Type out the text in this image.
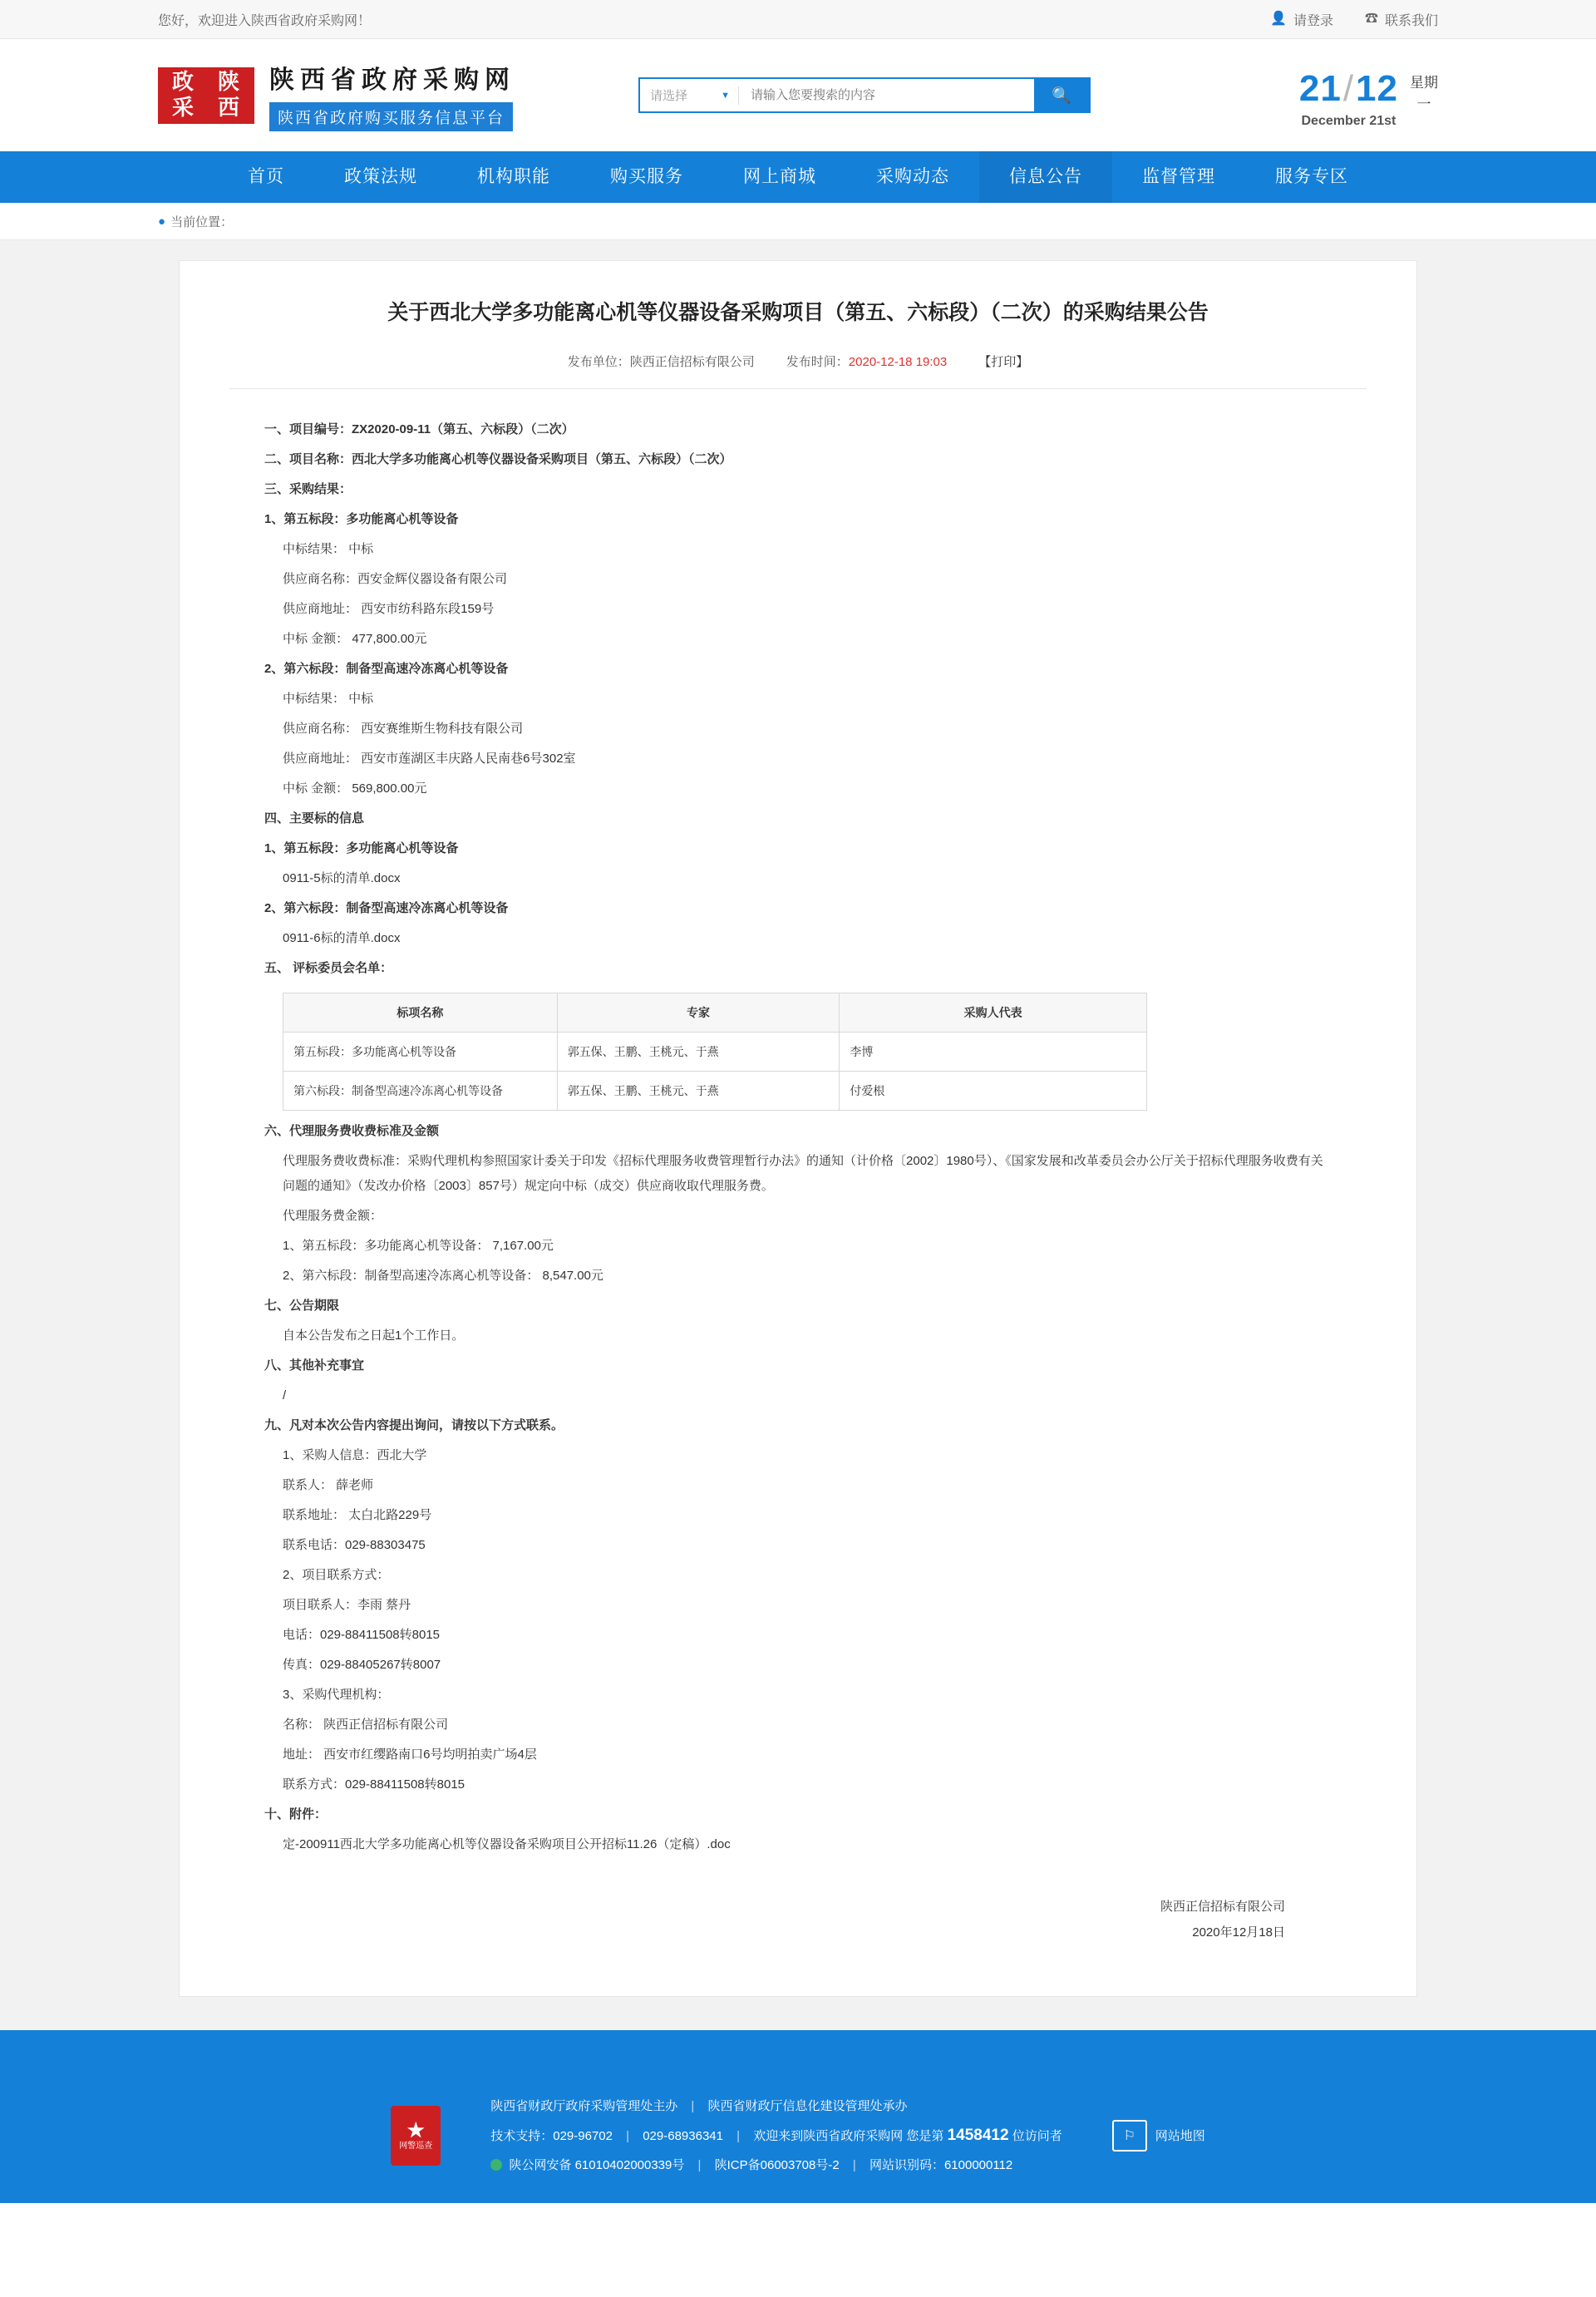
您好，欢迎进入陕西省政府采购网！	👤 请登录 ☎ 联系我们
政 陕
采 西
陕西省政府采购网
陕西省政府购买服务信息平台
请选择	▼
请输入您要搜索的内容	🔍	21/12
December 21st
星期
一
首页	政策法规	机构职能	购买服务	网上商城	采购动态	信息公告	监督管理	服务专区
● 当前位置：
关于西北大学多功能离心机等仪器设备采购项目（第五、六标段）（二次）的采购结果公告
发布单位：陕西正信招标有限公司	发布时间：2020-12-18 19:03	【打印】

一、项目编号：ZX2020-09-11（第五、六标段）（二次）

二、项目名称：西北大学多功能离心机等仪器设备采购项目（第五、六标段）（二次）

三、采购结果：

1、第五标段：多功能离心机等设备

中标结果： 中标

供应商名称：西安金辉仪器设备有限公司

供应商地址： 西安市纺科路东段159号

中标 金额： 477,800.00元

2、第六标段：制备型高速冷冻离心机等设备

中标结果： 中标

供应商名称： 西安赛维斯生物科技有限公司

供应商地址： 西安市莲湖区丰庆路人民南巷6号302室

中标 金额： 569,800.00元

四、主要标的信息

1、第五标段：多功能离心机等设备

0911-5标的清单.docx

2、第六标段：制备型高速冷冻离心机等设备

0911-6标的清单.docx

五、 评标委员会名单：

标项名称	专家	采购人代表
第五标段：多功能离心机等设备	郭五保、王鹏、王桃元、于燕	李博
第六标段：制备型高速冷冻离心机等设备	郭五保、王鹏、王桃元、于燕	付爱根

六、代理服务费收费标准及金额

代理服务费收费标准：采购代理机构参照国家计委关于印发《招标代理服务收费管理暂行办法》的通知（计价格〔2002〕1980号）、《国家发展和改革委员会办公厅关于招标代理服务收费有关问题的通知》（发改办价格〔2003〕857号）规定向中标（成交）供应商收取代理服务费。

代理服务费金额：

1、第五标段：多功能离心机等设备： 7,167.00元

2、第六标段：制备型高速冷冻离心机等设备： 8,547.00元

七、公告期限

自本公告发布之日起1个工作日。

八、其他补充事宜

/

九、凡对本次公告内容提出询问，请按以下方式联系。

1、采购人信息：西北大学

联系人： 薛老师

联系地址： 太白北路229号

联系电话：029-88303475

2、项目联系方式：

项目联系人：李雨 蔡丹

电话：029-88411508转8015

传真：029-88405267转8007

3、采购代理机构：

名称： 陕西正信招标有限公司

地址： 西安市红缨路南口6号均明拍卖广场4层

联系方式：029-88411508转8015

十、附件：

定-200911西北大学多功能离心机等仪器设备采购项目公开招标11.26（定稿）.doc

陕西正信招标有限公司
2020年12月18日
★
网警巡查
陕西省财政厅政府采购管理处主办 | 陕西省财政厅信息化建设管理处承办
技术支持：029-96702 | 029-68936341 | 欢迎来到陕西省政府采购网 您是第 1458412 位访问者
陕公网安备 61010402000339号 | 陕ICP备06003708号-2 | 网站识别码：6100000112
⚐	网站地图
